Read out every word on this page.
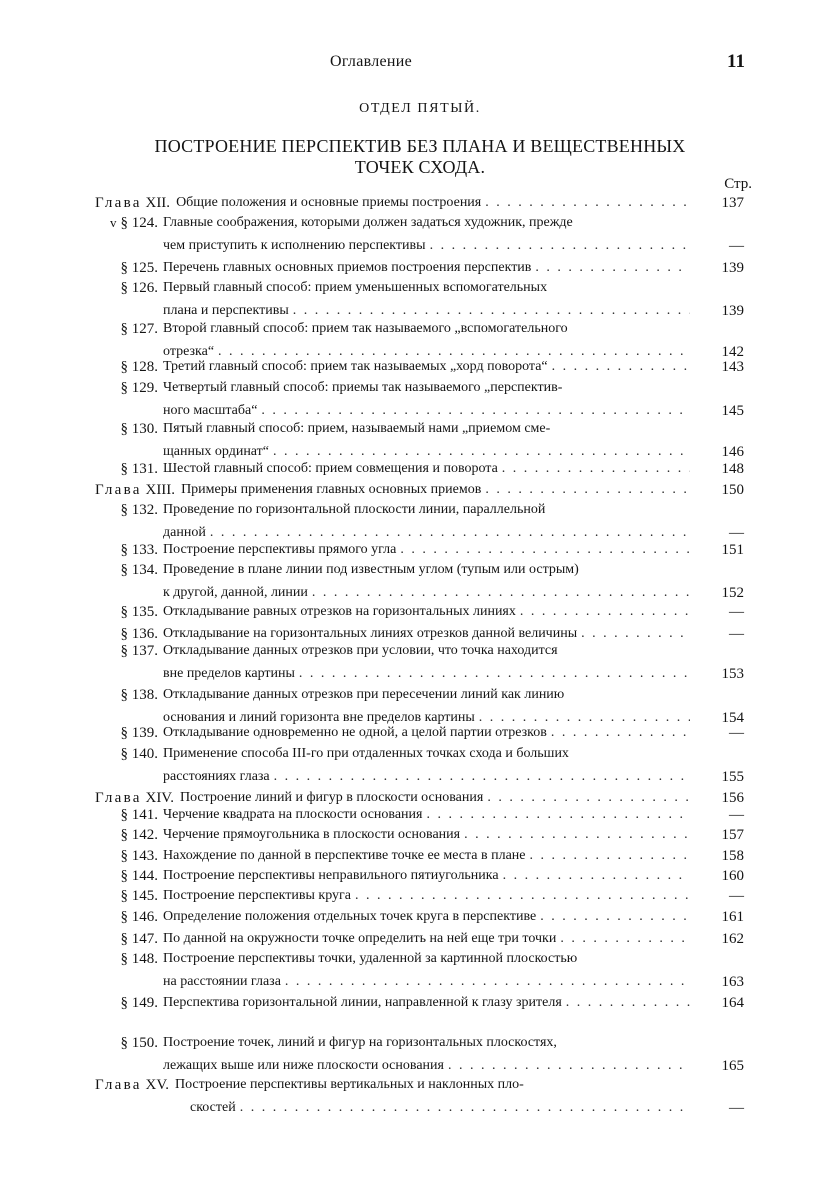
Оглавление	11
ОТДЕЛ ПЯТЫЙ.
ПОСТРОЕНИЕ ПЕРСПЕКТИВ БЕЗ ПЛАНА И ВЕЩЕСТВЕННЫХ
ТОЧЕК СХОДА.
Стр.
Глава XII. Общие положения и основные приемы построения . . .	137
v § 124. Главные соображения, которыми должен задаться художник, прежде
чем приступить к исполнению перспективы . . .	—
§ 125. Перечень главных основных приемов построения перспектив . . .	139
§ 126. Первый главный способ: прием уменьшенных вспомогательных
плана и перспективы . . .	139
§ 127. Второй главный способ: прием так называемого „вспомогательного
отрезка“ . . .	142
§ 128. Третий главный способ: прием так называемых „хорд поворота“ . . .	143
§ 129. Четвертый главный способ: приемы так называемого „перспектив-
ного масштаба“ . . .	145
§ 130. Пятый главный способ: прием, называемый нами „приемом сме-
щанных ординат“ . . .	146
§ 131. Шестой главный способ: прием совмещения и поворота . . .	148
Глава XIII. Примеры применения главных основных приемов . . .	150
§ 132. Проведение по горизонтальной плоскости линии, параллельной
данной . . .	—
§ 133. Построение перспективы прямого угла . . .	151
§ 134. Проведение в плане линии под известным углом (тупым или острым)
к другой, данной, линии . . .	152
§ 135. Откладывание равных отрезков на горизонтальных линиях . . .	—
§ 136. Откладывание на горизонтальных линиях отрезков данной величины . . .	—
§ 137. Откладывание данных отрезков при условии, что точка находится
вне пределов картины . . .	153
§ 138. Откладывание данных отрезков при пересечении линий как линию
основания и линий горизонта вне пределов картины . . .	154
§ 139. Откладывание одновременно не одной, а целой партии отрезков . . .	—
§ 140. Применение способа III-го при отдаленных точках схода и больших
расстояниях глаза . . .	155
Глава XIV. Построение линий и фигур в плоскости основания . . .	156
§ 141. Черчение квадрата на плоскости основания . . .	—
§ 142. Черчение прямоугольника в плоскости основания . . .	157
§ 143. Нахождение по данной в перспективе точке ее места в плане . . .	158
§ 144. Построение перспективы неправильного пятиугольника . . .	160
§ 145. Построение перспективы круга . . .	—
§ 146. Определение положения отдельных точек круга в перспективе . . .	161
§ 147. По данной на окружности точке определить на ней еще три точки . . .	162
§ 148. Построение перспективы точки, удаленной за картинной плоскостью
на расстоянии глаза . . .	163
§ 149. Перспектива горизонтальной линии, направленной к глазу зрителя . . .	164
§ 150. Построение точек, линий и фигур на горизонтальных плоскостях,
лежащих выше или ниже плоскости основания . . .	165
Глава XV. Построение перспективы вертикальных и наклонных пло-
скостей . . .	—
